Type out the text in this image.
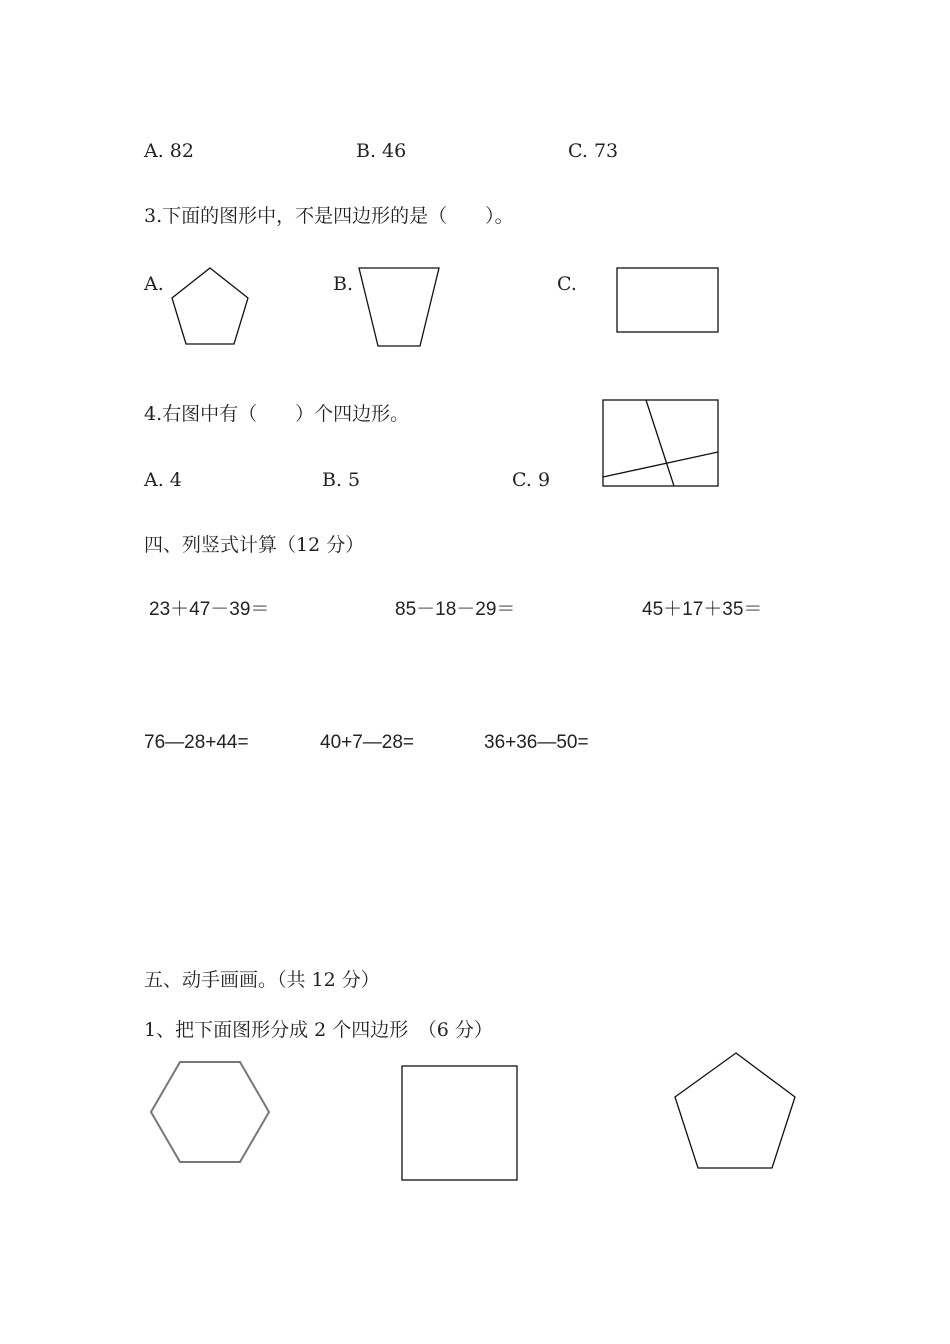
A. 82	B. 46	C. 73
3.下面的图形中，不是四边形的是（　　）。
A.	B.	C.
4.右图中有（　　）个四边形。
A. 4	B. 5	C. 9
四、列竖式计算（12 分）
23＋47－39＝	85－18－29＝	45＋17＋35＝
76—28+44=	40+7—28=	36+36—50=
五、动手画画。（共 12 分）
1、把下面图形分成 2 个四边形　（6 分）
